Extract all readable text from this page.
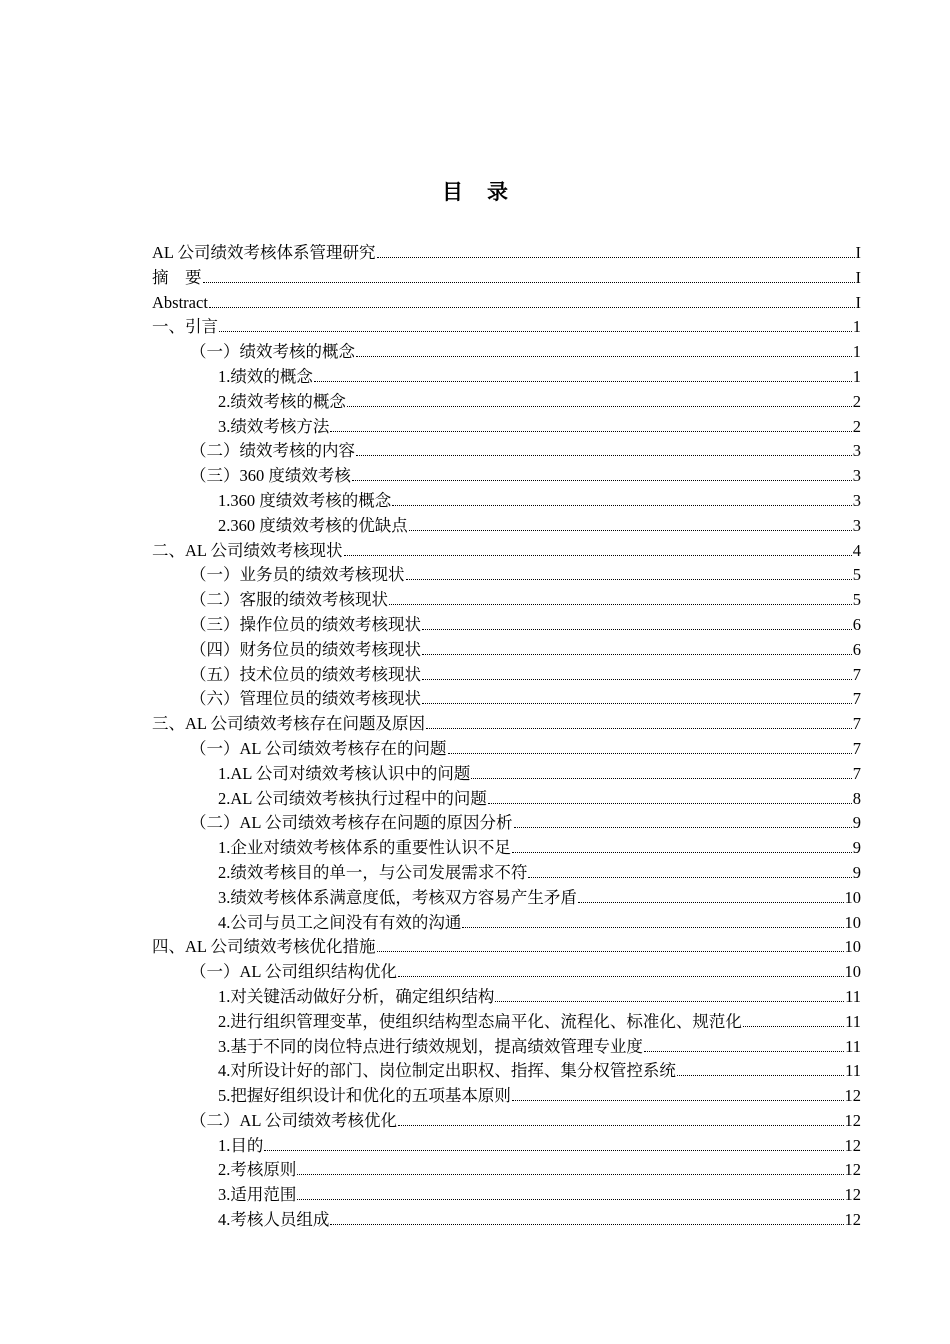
目 录
AL 公司绩效考核体系管理研究	I
摘　要	I
Abstract	I
一、引言	1
（一）绩效考核的概念	1
1.绩效的概念	1
2.绩效考核的概念	2
3.绩效考核方法	2
（二）绩效考核的内容	3
（三）360 度绩效考核	3
1.360 度绩效考核的概念	3
2.360 度绩效考核的优缺点	3
二、AL 公司绩效考核现状	4
（一）业务员的绩效考核现状	5
（二）客服的绩效考核现状	5
（三）操作位员的绩效考核现状	6
（四）财务位员的绩效考核现状	6
（五）技术位员的绩效考核现状	7
（六）管理位员的绩效考核现状	7
三、AL 公司绩效考核存在问题及原因	7
（一）AL 公司绩效考核存在的问题	7
1.AL 公司对绩效考核认识中的问题	7
2.AL 公司绩效考核执行过程中的问题	8
（二）AL 公司绩效考核存在问题的原因分析	9
1.企业对绩效考核体系的重要性认识不足	9
2.绩效考核目的单一，与公司发展需求不符	9
3.绩效考核体系满意度低，考核双方容易产生矛盾	10
4.公司与员工之间没有有效的沟通	10
四、AL 公司绩效考核优化措施	10
（一）AL 公司组织结构优化	10
1.对关键活动做好分析，确定组织结构	11
2.进行组织管理变革，使组织结构型态扁平化、流程化、标准化、规范化	11
3.基于不同的岗位特点进行绩效规划，提高绩效管理专业度	11
4.对所设计好的部门、岗位制定出职权、指挥、集分权管控系统	11
5.把握好组织设计和优化的五项基本原则	12
（二）AL 公司绩效考核优化	12
1.目的	12
2.考核原则	12
3.适用范围	12
4.考核人员组成	12
